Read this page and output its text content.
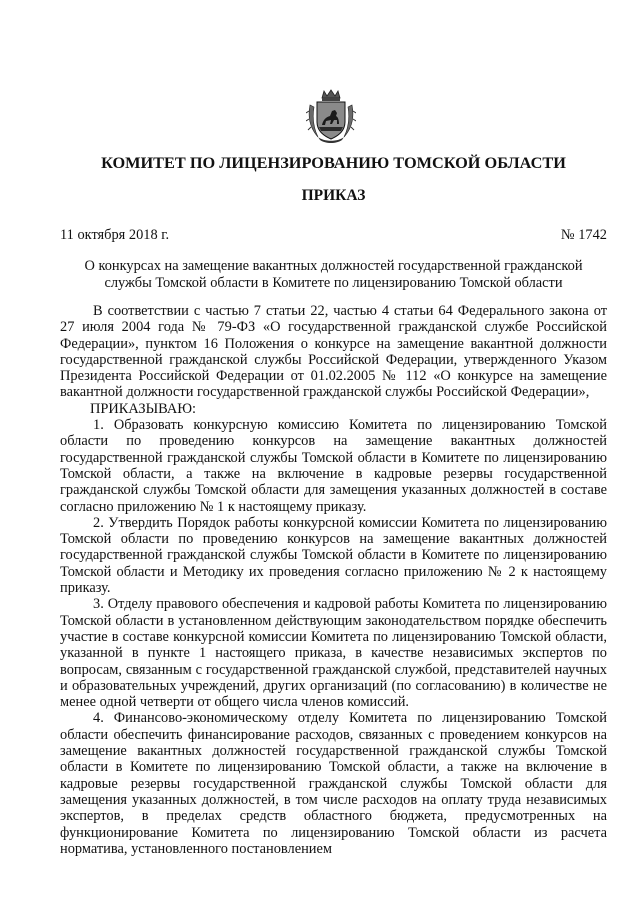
КОМИТЕТ ПО ЛИЦЕНЗИРОВАНИЮ ТОМСКОЙ ОБЛАСТИ
ПРИКАЗ
11 октября 2018 г.	№ 1742
О конкурсах на замещение вакантных должностей государственной гражданской службы Томской области в Комитете по лицензированию Томской области

В соответствии с частью 7 статьи 22, частью 4 статьи 64 Федерального закона от 27 июля 2004 года № 79-ФЗ «О государственной гражданской службе Российской Федерации», пунктом 16 Положения о конкурсе на замещение вакантной должности государственной гражданской службы Российской Федерации, утвержденного Указом Президента Российской Федерации от 01.02.2005 № 112 «О конкурсе на замещение вакантной должности государственной гражданской службы Российской Федерации»,

ПРИКАЗЫВАЮ:

1. Образовать конкурсную комиссию Комитета по лицензированию Томской области по проведению конкурсов на замещение вакантных должностей государственной гражданской службы Томской области в Комитете по лицензированию Томской области, а также на включение в кадровые резервы государственной гражданской службы Томской области для замещения указанных должностей в составе согласно приложению № 1 к настоящему приказу.

2. Утвердить Порядок работы конкурсной комиссии Комитета по лицензированию Томской области по проведению конкурсов на замещение вакантных должностей государственной гражданской службы Томской области в Комитете по лицензированию Томской области и Методику их проведения согласно приложению № 2 к настоящему приказу.

3. Отделу правового обеспечения и кадровой работы Комитета по лицензированию Томской области в установленном действующим законодательством порядке обеспечить участие в составе конкурсной комиссии Комитета по лицензированию Томской области, указанной в пункте 1 настоящего приказа, в качестве независимых экспертов по вопросам, связанным с государственной гражданской службой, представителей научных и образовательных учреждений, других организаций (по согласованию) в количестве не менее одной четверти от общего числа членов комиссий.

4. Финансово-экономическому отделу Комитета по лицензированию Томской области обеспечить финансирование расходов, связанных с проведением конкурсов на замещение вакантных должностей государственной гражданской службы Томской области в Комитете по лицензированию Томской области, а также на включение в кадровые резервы государственной гражданской службы Томской области для замещения указанных должностей, в том числе расходов на оплату труда независимых экспертов, в пределах средств областного бюджета, предусмотренных на функционирование Комитета по лицензированию Томской области из расчета норматива, установленного постановлением
